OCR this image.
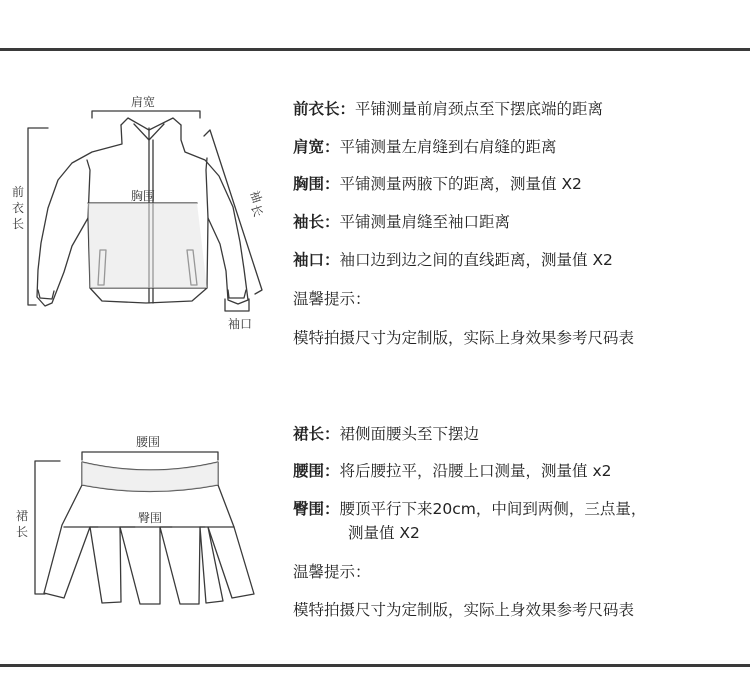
肩宽
胸围
前
衣
长
袖
长
袖口

前衣长：平铺测量前肩颈点至下摆底端的距离

肩宽：平铺测量左肩缝到右肩缝的距离

胸围：平铺测量两腋下的距离，测量值 X2

袖长：平铺测量肩缝至袖口距离

袖口：袖口边到边之间的直线距离，测量值 X2

温馨提示：

模特拍摄尺寸为定制版，实际上身效果参考尺码表

腰围
臀围
裙
长

裙长：裙侧面腰头至下摆边

腰围：将后腰拉平，沿腰上口测量，测量值 x2

臀围：腰顶平行下来20cm，中间到两侧，三点量，
测量值 X2

温馨提示：

模特拍摄尺寸为定制版，实际上身效果参考尺码表
